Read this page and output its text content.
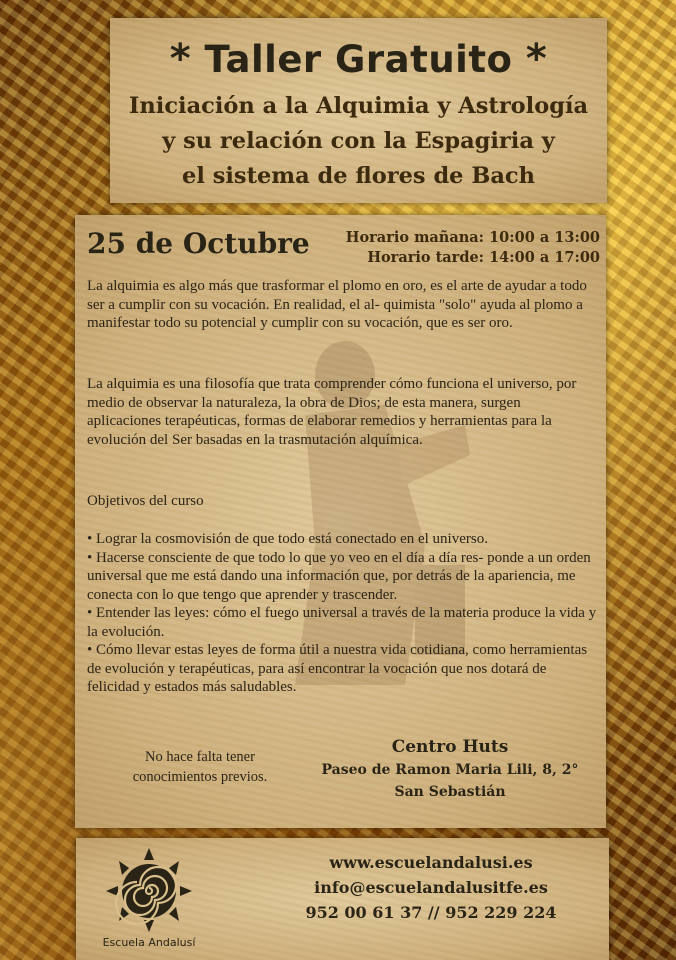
* Taller Gratuito *
Iniciación a la Alquimia y Astrología
y su relación con la Espagiria y
el sistema de flores de Bach
25 de Octubre Horario mañana: 10:00 a 13:00
Horario tarde: 14:00 a 17:00

La alquimia es algo más que trasformar el plomo en oro, es el arte de ayudar a todo ser a cumplir con su vocación. En realidad, el al- quimista "solo" ayuda al plomo a manifestar todo su potencial y cumplir con su vocación, que es ser oro.

La alquimia es una filosofía que trata comprender cómo funciona el universo, por medio de observar la naturaleza, la obra de Dios; de esta manera, surgen aplicaciones terapéuticas, formas de elaborar remedios y herramientas para la evolución del Ser basadas en la trasmutación alquímica.

Objetivos del curso

• Lograr la cosmovisión de que todo está conectado en el universo.

• Hacerse consciente de que todo lo que yo veo en el día a día res- ponde a un orden universal que me está dando una información que, por detrás de la apariencia, me conecta con lo que tengo que aprender y trascender.

• Entender las leyes: cómo el fuego universal a través de la materia produce la vida y la evolución.

• Cómo llevar estas leyes de forma útil a nuestra vida cotidiana, como herramientas de evolución y terapéuticas, para así encontrar la vocación que nos dotará de felicidad y estados más saludables.

No hace falta tener
conocimientos previos.
Centro Huts
Paseo de Ramon Maria Lili, 8, 2°
San Sebastián
Escuela Andalusí
www.escuelandalusi.es
info@escuelandalusitfe.es
952 00 61 37 // 952 229 224
